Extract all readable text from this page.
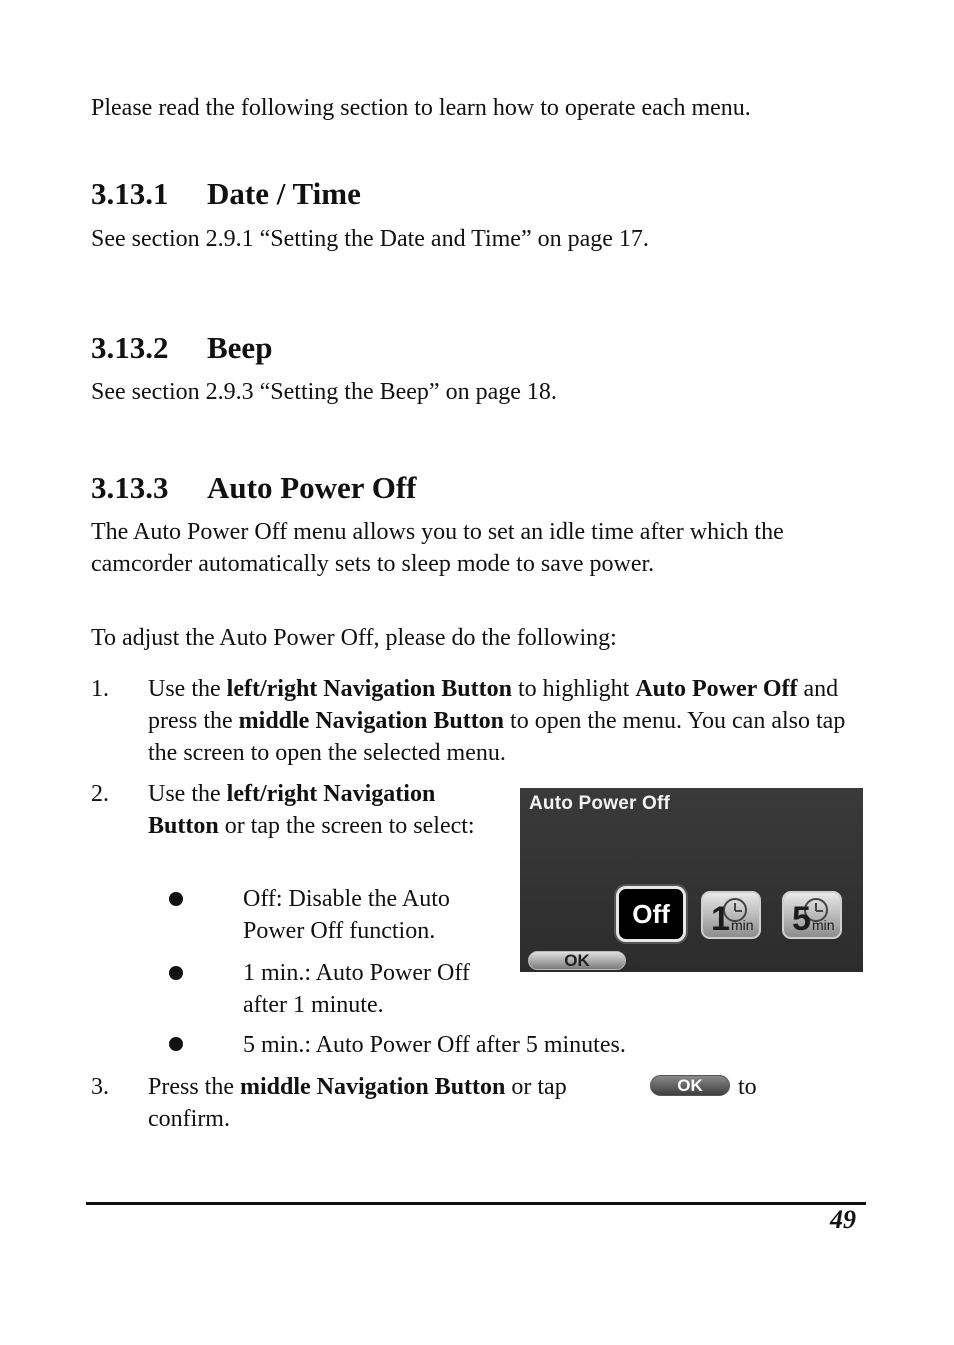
Please read the following section to learn how to operate each menu.

3.13.1 Date / Time

See section 2.9.1 “Setting the Date and Time” on page 17.

3.13.2 Beep

See section 2.9.3 “Setting the Beep” on page 18.

3.13.3 Auto Power Off

The Auto Power Off menu allows you to set an idle time after which the camcorder automatically sets to sleep mode to save power.

To adjust the Auto Power Off, please do the following:

1. Use the left/right Navigation Button to highlight Auto Power Off and press the middle Navigation Button to open the menu. You can also tap the screen to open the selected menu.

2. Use the left/right Navigation Button or tap the screen to select:

Off: Disable the Auto Power Off function.

1 min.: Auto Power Off after 1 minute.

5 min.: Auto Power Off after 5 minutes.

Auto Power Off
Off	1 min 5 min
OK
3. Press the middle Navigation Button or tap	OK	to

49

confirm.
